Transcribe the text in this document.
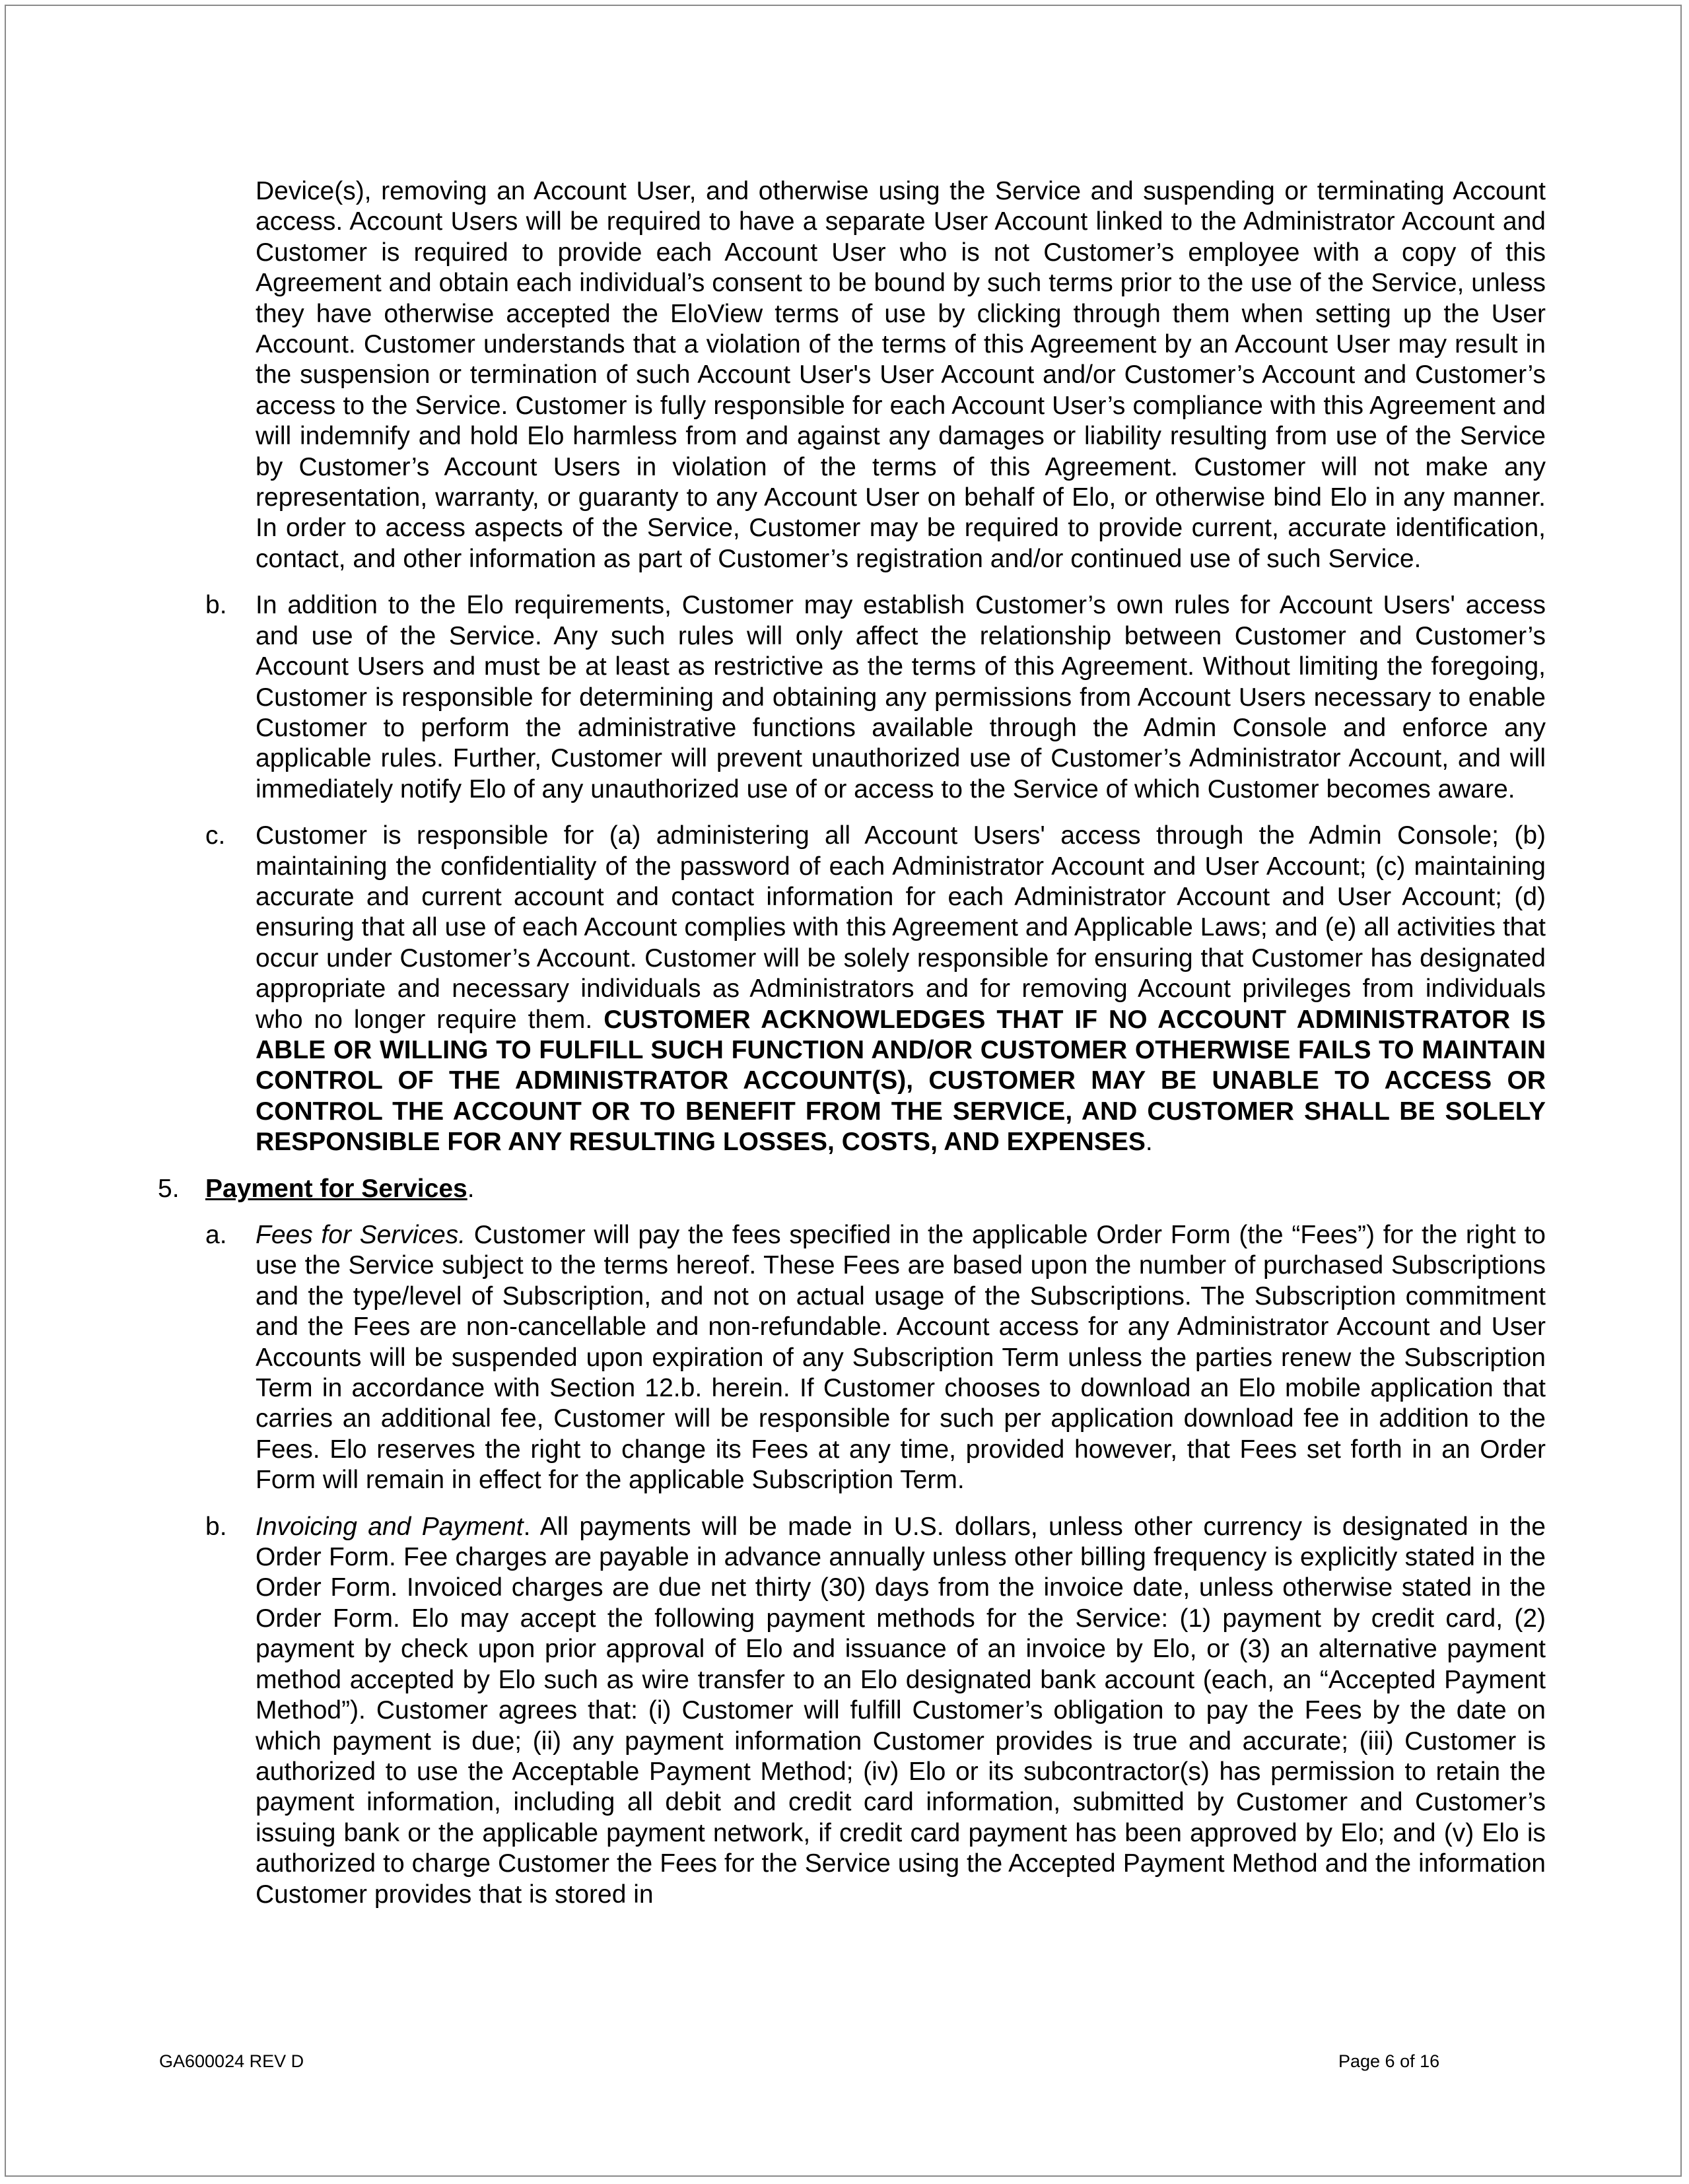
Device(s), removing an Account User, and otherwise using the Service and suspending or terminating Account access. Account Users will be required to have a separate User Account linked to the Administrator Account and Customer is required to provide each Account User who is not Customer’s employee with a copy of this Agreement and obtain each individual’s consent to be bound by such terms prior to the use of the Service, unless they have otherwise accepted the EloView terms of use by clicking through them when setting up the User Account. Customer understands that a violation of the terms of this Agreement by an Account User may result in the suspension or termination of such Account User's User Account and/or Customer’s Account and Customer’s access to the Service. Customer is fully responsible for each Account User’s compliance with this Agreement and will indemnify and hold Elo harmless from and against any damages or liability resulting from use of the Service by Customer’s Account Users in violation of the terms of this Agreement. Customer will not make any representation, warranty, or guaranty to any Account User on behalf of Elo, or otherwise bind Elo in any manner. In order to access aspects of the Service, Customer may be required to provide current, accurate identification, contact, and other information as part of Customer’s registration and/or continued use of such Service.

b. In addition to the Elo requirements, Customer may establish Customer’s own rules for Account Users' access and use of the Service. Any such rules will only affect the relationship between Customer and Customer’s Account Users and must be at least as restrictive as the terms of this Agreement. Without limiting the foregoing, Customer is responsible for determining and obtaining any permissions from Account Users necessary to enable Customer to perform the administrative functions available through the Admin Console and enforce any applicable rules. Further, Customer will prevent unauthorized use of Customer’s Administrator Account, and will immediately notify Elo of any unauthorized use of or access to the Service of which Customer becomes aware.

c. Customer is responsible for (a) administering all Account Users' access through the Admin Console; (b) maintaining the confidentiality of the password of each Administrator Account and User Account; (c) maintaining accurate and current account and contact information for each Administrator Account and User Account; (d) ensuring that all use of each Account complies with this Agreement and Applicable Laws; and (e) all activities that occur under Customer’s Account. Customer will be solely responsible for ensuring that Customer has designated appropriate and necessary individuals as Administrators and for removing Account privileges from individuals who no longer require them. CUSTOMER ACKNOWLEDGES THAT IF NO ACCOUNT ADMINISTRATOR IS ABLE OR WILLING TO FULFILL SUCH FUNCTION AND/OR CUSTOMER OTHERWISE FAILS TO MAINTAIN CONTROL OF THE ADMINISTRATOR ACCOUNT(S), CUSTOMER MAY BE UNABLE TO ACCESS OR CONTROL THE ACCOUNT OR TO BENEFIT FROM THE SERVICE, AND CUSTOMER SHALL BE SOLELY RESPONSIBLE FOR ANY RESULTING LOSSES, COSTS, AND EXPENSES.

5. Payment for Services.

a. Fees for Services. Customer will pay the fees specified in the applicable Order Form (the “Fees”) for the right to use the Service subject to the terms hereof. These Fees are based upon the number of purchased Subscriptions and the type/level of Subscription, and not on actual usage of the Subscriptions. The Subscription commitment and the Fees are non-cancellable and non-refundable. Account access for any Administrator Account and User Accounts will be suspended upon expiration of any Subscription Term unless the parties renew the Subscription Term in accordance with Section 12.b. herein. If Customer chooses to download an Elo mobile application that carries an additional fee, Customer will be responsible for such per application download fee in addition to the Fees. Elo reserves the right to change its Fees at any time, provided however, that Fees set forth in an Order Form will remain in effect for the applicable Subscription Term.

b. Invoicing and Payment. All payments will be made in U.S. dollars, unless other currency is designated in the Order Form. Fee charges are payable in advance annually unless other billing frequency is explicitly stated in the Order Form. Invoiced charges are due net thirty (30) days from the invoice date, unless otherwise stated in the Order Form. Elo may accept the following payment methods for the Service: (1) payment by credit card, (2) payment by check upon prior approval of Elo and issuance of an invoice by Elo, or (3) an alternative payment method accepted by Elo such as wire transfer to an Elo designated bank account (each, an “Accepted Payment Method”). Customer agrees that: (i) Customer will fulfill Customer’s obligation to pay the Fees by the date on which payment is due; (ii) any payment information Customer provides is true and accurate; (iii) Customer is authorized to use the Acceptable Payment Method; (iv) Elo or its subcontractor(s) has permission to retain the payment information, including all debit and credit card information, submitted by Customer and Customer’s issuing bank or the applicable payment network, if credit card payment has been approved by Elo; and (v) Elo is authorized to charge Customer the Fees for the Service using the Accepted Payment Method and the information Customer provides that is stored in

GA600024 REV D	Page 6 of 16
